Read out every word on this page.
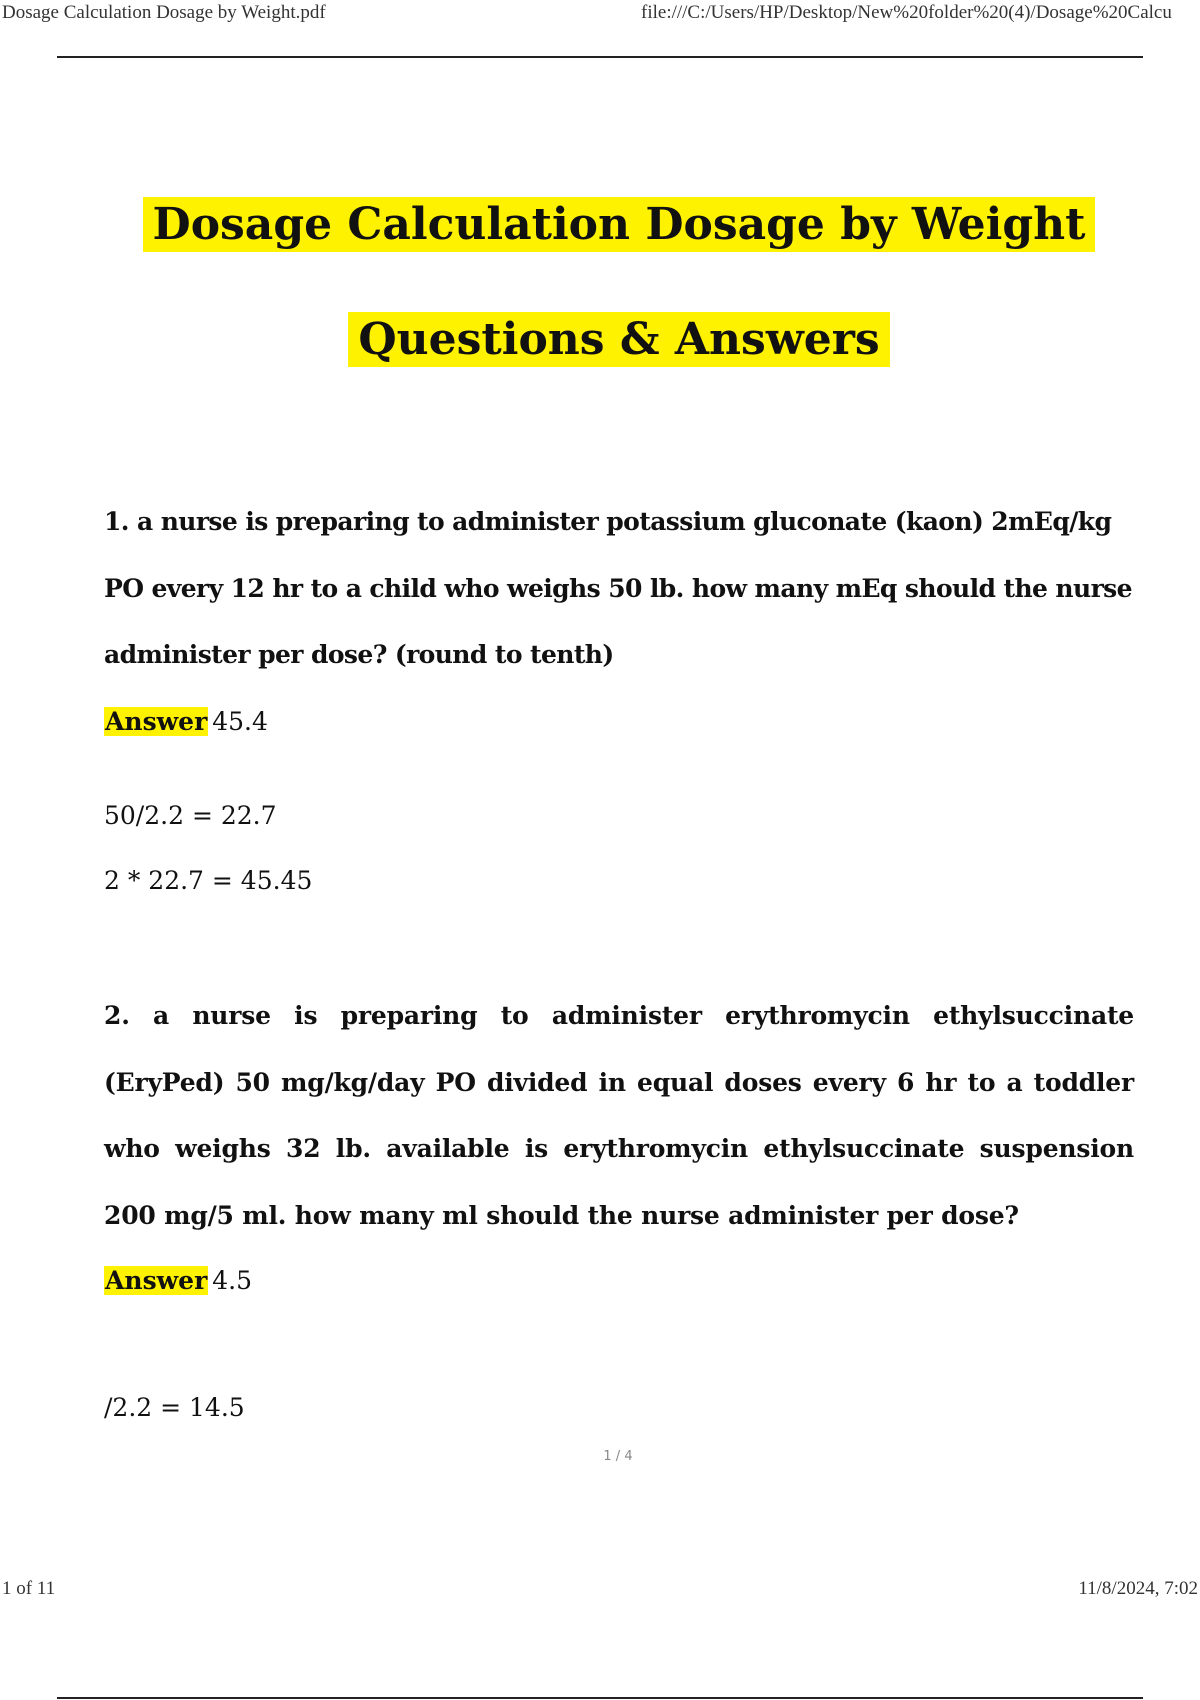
Dosage Calculation Dosage by Weight.pdf	file:///C:/Users/HP/Desktop/New%20folder%20(4)/Dosage%20Calcu
Dosage Calculation Dosage by Weight
Questions & Answers

1. a nurse is preparing to administer potassium gluconate (kaon) 2mEq/kg PO every 12 hr to a child who weighs 50 lb. how many mEq should the nurse administer per dose? (round to tenth)

Answer 45.4
50/2.2 = 22.7
2 * 22.7 = 45.45

2. a nurse is preparing to administer erythromycin ethylsuccinate (EryPed) 50 mg/kg/day PO divided in equal doses every 6 hr to a toddler who weighs 32 lb. available is erythromycin ethylsuccinate suspension 200 mg/5 ml. how many ml should the nurse administer per dose?

Answer 4.5
/2.2 = 14.5
1 / 4
1 of 11	11/8/2024, 7:02
